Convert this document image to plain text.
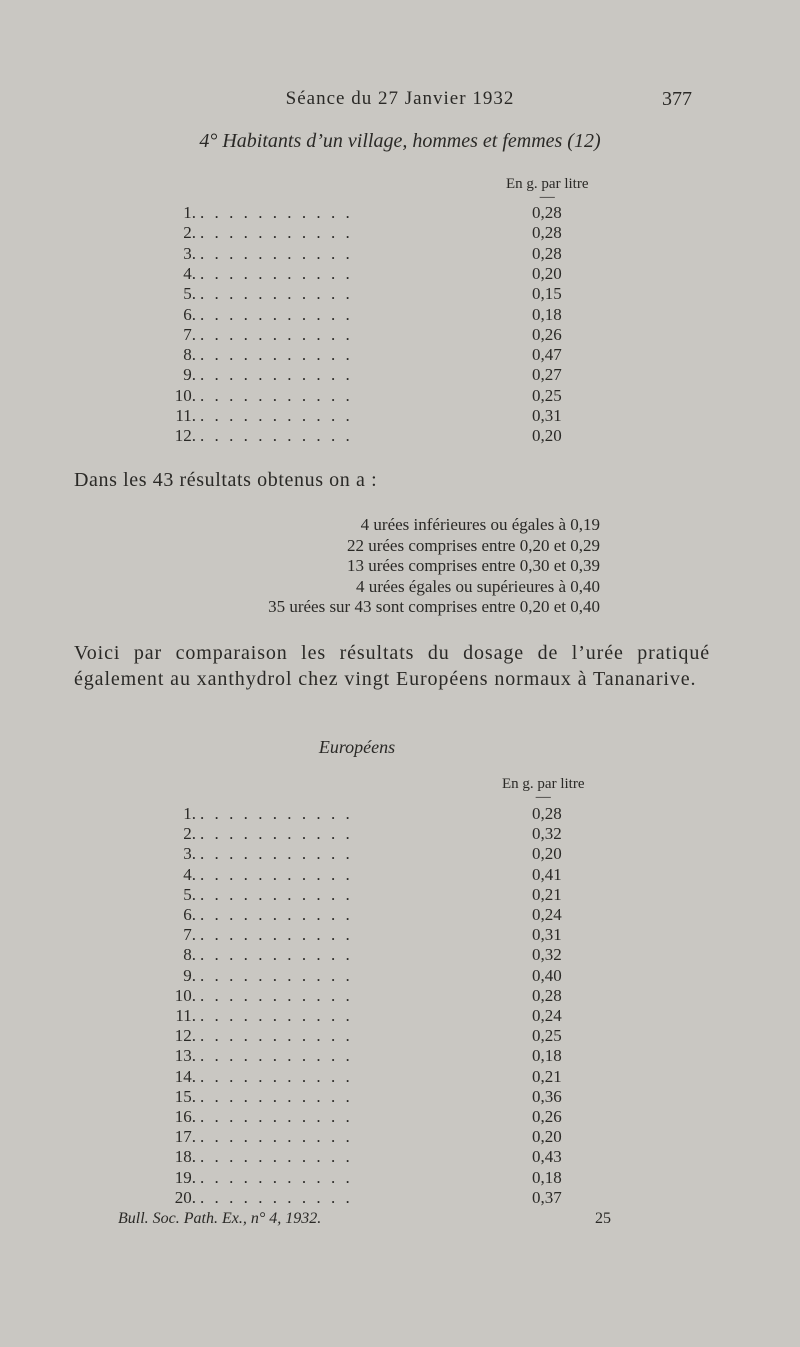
Séance du 27 Janvier 1932	377
4° Habitants d’un village, hommes et femmes (12)
En g. par litre
—
1. ...........	0,28
2. ...........	0,28
3. ...........	0,28
4. ...........	0,20
5. ...........	0,15
6. ...........	0,18
7. ...........	0,26
8. ...........	0,47
9. ...........	0,27
10. ...........	0,25
11. ...........	0,31
12. ...........	0,20
Dans les 43 résultats obtenus on a :
4 urées inférieures ou égales à 0,19
22 urées comprises entre 0,20 et 0,29
13 urées comprises entre 0,30 et 0,39
4 urées égales ou supérieures à 0,40
35 urées sur 43 sont comprises entre 0,20 et 0,40
Voici par comparaison les résultats du dosage de l’urée pratiqué également au xanthydrol chez vingt Européens normaux à Tananarive.
Européens
En g. par litre
—
1. ...........	0,28
2. ...........	0,32
3. ...........	0,20
4. ...........	0,41
5. ...........	0,21
6. ...........	0,24
7. ...........	0,31
8. ...........	0,32
9. ...........	0,40
10. ...........	0,28
11. ...........	0,24
12. ...........	0,25
13. ...........	0,18
14. ...........	0,21
15. ...........	0,36
16. ...........	0,26
17. ...........	0,20
18. ...........	0,43
19. ...........	0,18
20. ...........	0,37
Bull. Soc. Path. Ex., n° 4, 1932.	25
